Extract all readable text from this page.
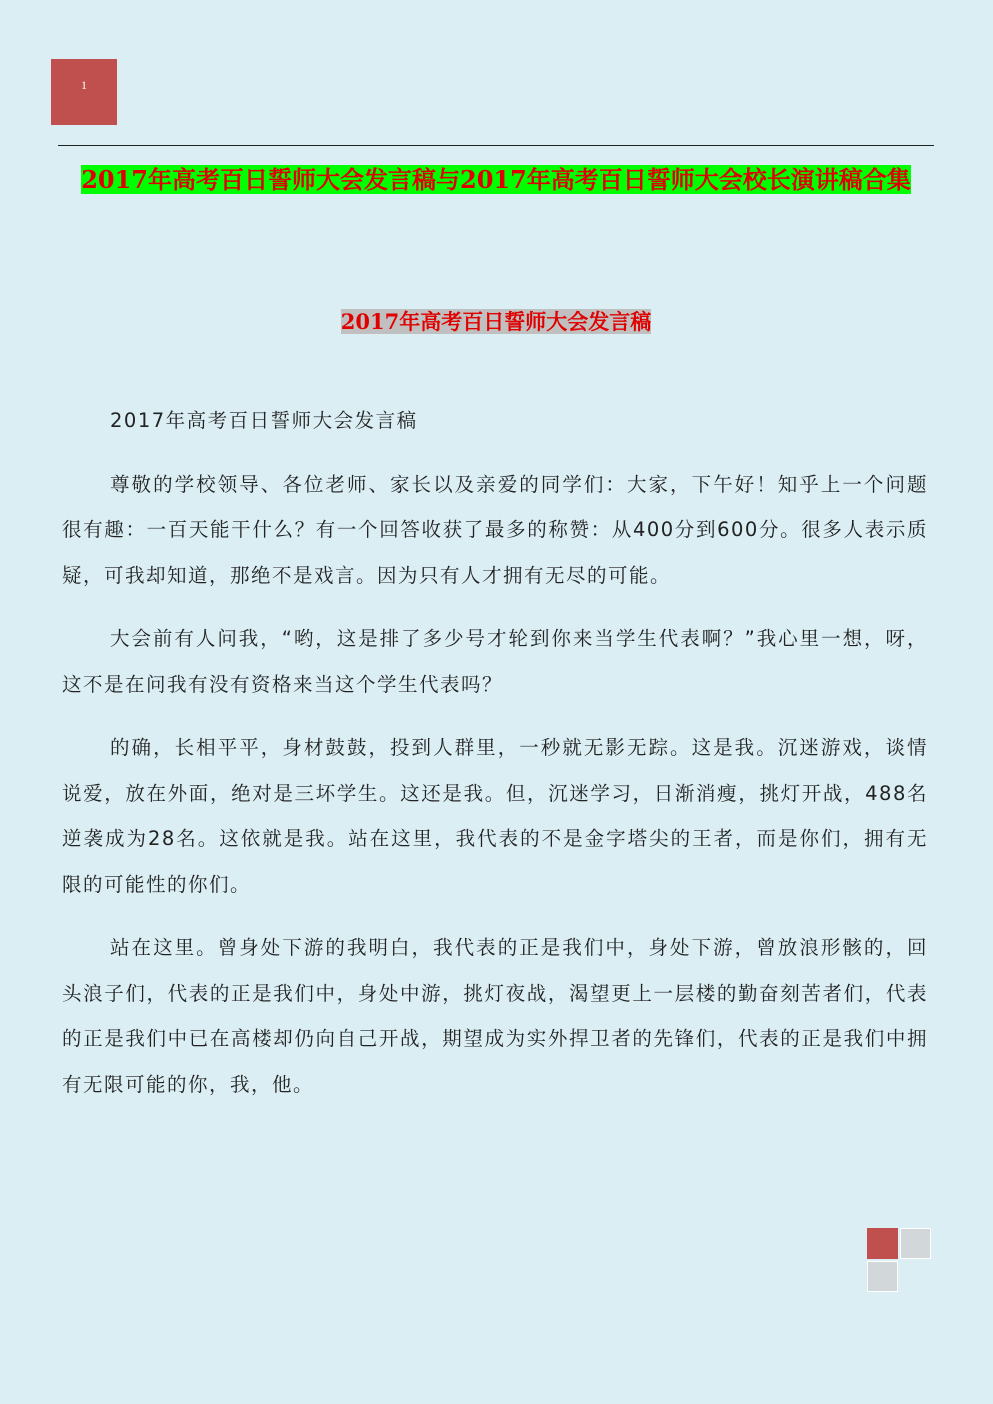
1
2017年高考百日誓师大会发言稿与2017年高考百日誓师大会校长演讲稿合集
2017年高考百日誓师大会发言稿

2017年高考百日誓师大会发言稿

尊敬的学校领导、各位老师、家长以及亲爱的同学们：大家，下午好！知乎上一个问题很有趣：一百天能干什么？有一个回答收获了最多的称赞：从400分到600分。很多人表示质疑，可我却知道，那绝不是戏言。因为只有人才拥有无尽的可能。

大会前有人问我，“哟，这是排了多少号才轮到你来当学生代表啊？”我心里一想，呀，这不是在问我有没有资格来当这个学生代表吗？

的确，长相平平，身材鼓鼓，投到人群里，一秒就无影无踪。这是我。沉迷游戏，谈情说爱，放在外面，绝对是三坏学生。这还是我。但，沉迷学习，日渐消瘦，挑灯开战，488名逆袭成为28名。这依就是我。站在这里，我代表的不是金字塔尖的王者，而是你们，拥有无限的可能性的你们。

站在这里。曾身处下游的我明白，我代表的正是我们中，身处下游，曾放浪形骸的，回头浪子们，代表的正是我们中，身处中游，挑灯夜战，渴望更上一层楼的勤奋刻苦者们，代表的正是我们中已在高楼却仍向自己开战，期望成为实外捍卫者的先锋们，代表的正是我们中拥有无限可能的你，我，他。
